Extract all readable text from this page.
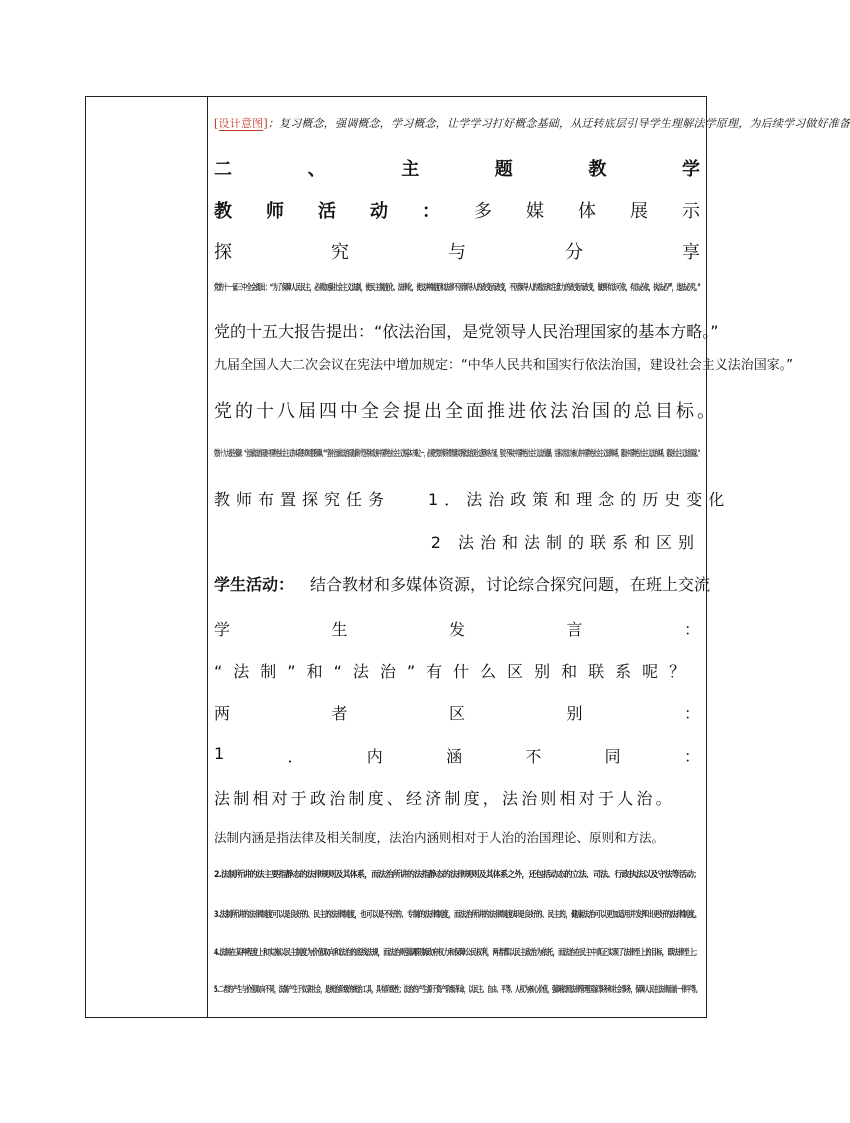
[设计意图]：复习概念，强调概念，学习概念，让学学习打好概念基础，从迂转底层引导学生理解法学原理，为后续学习做好准备
二	、	主	题	教	学
教 师 活 动 ： 多 媒 体 展 示
探	究	与	分	享
党的十一届三中全会提出：“为了保障人民民主，必须加强社会主义法制，使民主制度化、法律化，使这种制度和法律不因领导人的改变而改变，不因领导人的看法和注意力的改变而改变，做到有法可依，有法必依，执法必严，违法必究。”
党的十五大报告提出：“依法治国，是党领导人民治理国家的基本方略。”
九届全国人大二次会议在宪法中增加规定：“中华人民共和国实行依法治国，建设社会主义法治国家。”
党的十八届四中全会提出全面推进依法治国的总目标。
党的十九大报告强调：“全面依法治国是中国特色社会主义的本质要求和重要保障。”“坚持全面依法治国是新时代坚持和发展中国特色社会主义的基本方略之一，必须把党的领导贯彻落实到依法治国全过程和各方面，坚定不移走中国特色社会主义法治道路，完善以宪法为核心的中国特色社会主义法律体系，建设中国特色社会主义法治体系，建设社会主义法治国家。”
教师布置探究任务 1．法治政策和理念的历史变化
2 法治和法制的联系和区别
学生活动： 结合教材和多媒体资源，讨论综合探究问题，在班上交流
学	生	发	言	：
“法制”和“法治”有什么区别和联系呢？
两	者	区	别	：
1	．	内	涵	不	同	：
法制相对于政治制度、经济制度，法治则相对于人治。
法制内涵是指法律及相关制度，法治内涵则相对于人治的治国理论、原则和方法。
2.法制所讲的法主要指静态的法律规则及其体系，而法治所讲的法指静态的法律规则及其体系之外，还包括动态的立法、司法、行政执法以及守法等活动；
3.法制所讲的法律制度可以是良好的、民主的法律制度，也可以是不好的、专制的法律制度，而法治所讲的法律制度却是良好的、民主的，健康法治可以更加适用并发挥出更好的法律制度。
4.法制在某种程度上和实施以民主制度为价值取向和法治的底线法规，而法治则强调限制政府权力和保障公民权利，两者都以民主政治为依托，而法治在民主中真正实现了法律至上的目标，即法律至上；
5.二者的产生与价值取向不同，法制产生于奴隶社会，是统治阶级的统治工具，具有阶级性；法治的产生源于资产阶级革命，以民主、自由、平等、人权为核心价值，强调依照法律管理国家事务和社会事务，保障人民在法律面前一律平等。
